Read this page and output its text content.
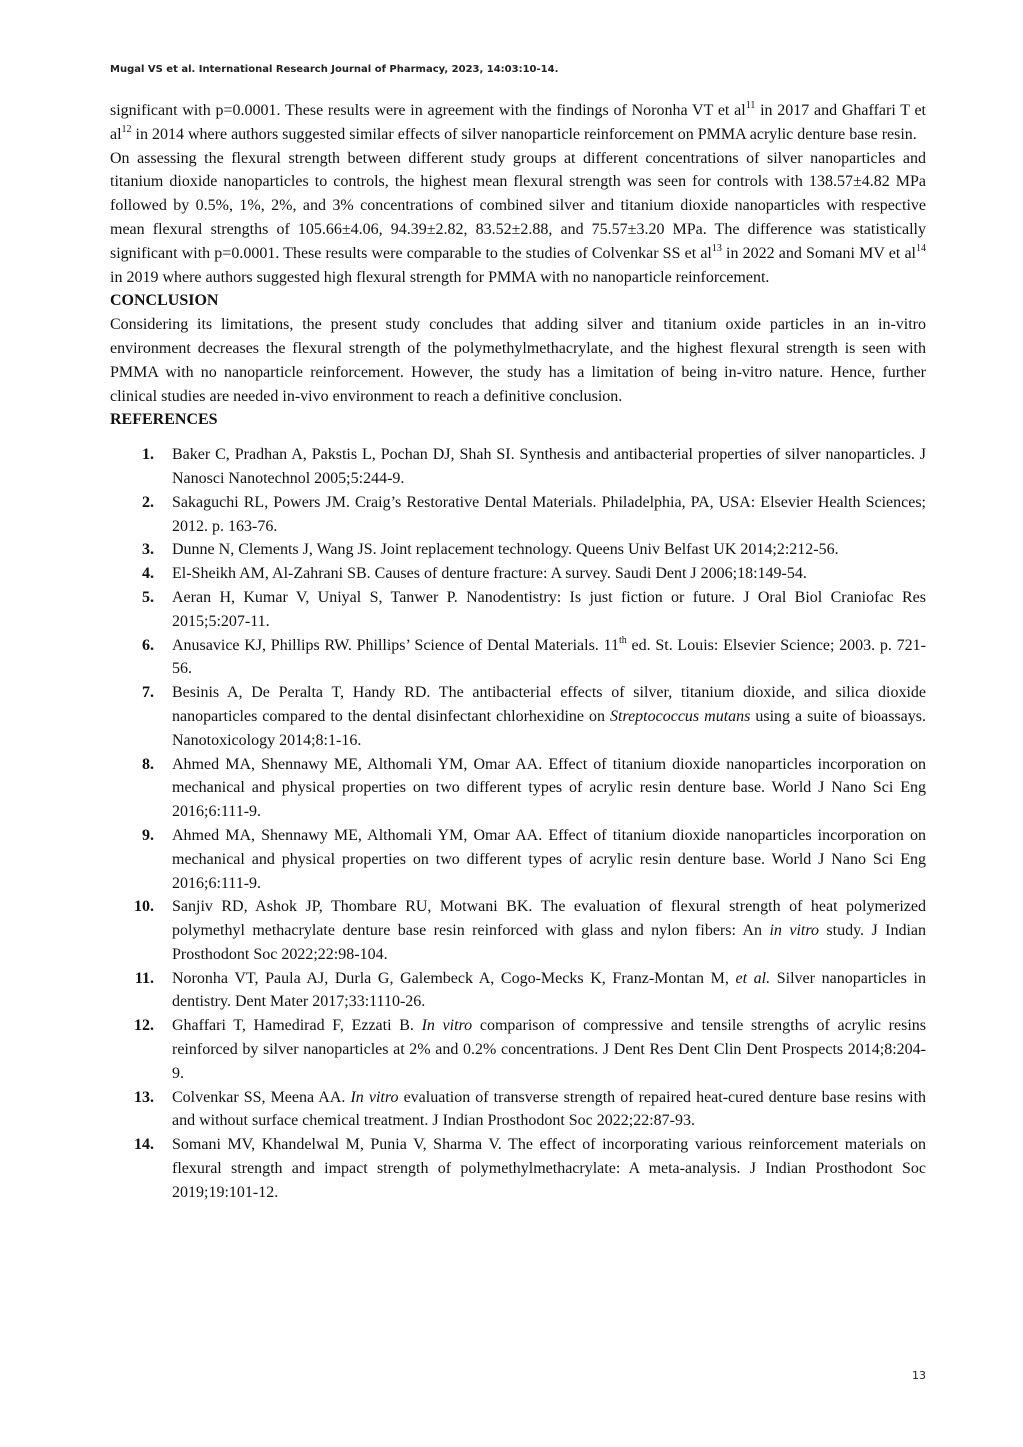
Mugal VS et al. International Research Journal of Pharmacy, 2023, 14:03:10-14.

significant with p=0.0001. These results were in agreement with the findings of Noronha VT et $al^{11}$ in 2017 and Ghaffari T et $al^{12}$ in 2014 where authors suggested similar effects of silver nanoparticle reinforcement on PMMA acrylic denture base resin.

On assessing the flexural strength between different study groups at different concentrations of silver nanoparticles and titanium dioxide nanoparticles to controls, the highest mean flexural strength was seen for controls with 138.57±4.82 MPa followed by 0.5%, 1%, 2%, and 3% concentrations of combined silver and titanium dioxide nanoparticles with respective mean flexural strengths of 105.66±4.06, 94.39±2.82, 83.52±2.88, and 75.57±3.20 MPa. The difference was statistically significant with p=0.0001. These results were comparable to the studies of Colvenkar SS et $al^{13}$ in 2022 and Somani MV et $al^{14}$ in 2019 where authors suggested high flexural strength for PMMA with no nanoparticle reinforcement.

CONCLUSION

Considering its limitations, the present study concludes that adding silver and titanium oxide particles in an in-vitro environment decreases the flexural strength of the polymethylmethacrylate, and the highest flexural strength is seen with PMMA with no nanoparticle reinforcement. However, the study has a limitation of being in-vitro nature. Hence, further clinical studies are needed in-vivo environment to reach a definitive conclusion.

REFERENCES
1. Baker C, Pradhan A, Pakstis L, Pochan DJ, Shah SI. Synthesis and antibacterial properties of silver nanoparticles. J Nanosci Nanotechnol 2005;5:244-9.
2. Sakaguchi RL, Powers JM. Craig’s Restorative Dental Materials. Philadelphia, PA, USA: Elsevier Health Sciences; 2012. p. 163-76.
3. Dunne N, Clements J, Wang JS. Joint replacement technology. Queens Univ Belfast UK 2014;2:212-56.
4. El-Sheikh AM, Al-Zahrani SB. Causes of denture fracture: A survey. Saudi Dent J 2006;18:149-54.
5. Aeran H, Kumar V, Uniyal S, Tanwer P. Nanodentistry: Is just fiction or future. J Oral Biol Craniofac Res 2015;5:207-11.
6. Anusavice KJ, Phillips RW. Phillips’ Science of Dental Materials. 11th ed. St. Louis: Elsevier Science; 2003. p. 721-56.
7. Besinis A, De Peralta T, Handy RD. The antibacterial effects of silver, titanium dioxide, and silica dioxide nanoparticles compared to the dental disinfectant chlorhexidine on Streptococcus mutans using a suite of bioassays. Nanotoxicology 2014;8:1-16.
8. Ahmed MA, Shennawy ME, Althomali YM, Omar AA. Effect of titanium dioxide nanoparticles incorporation on mechanical and physical properties on two different types of acrylic resin denture base. World J Nano Sci Eng 2016;6:111-9.
9. Ahmed MA, Shennawy ME, Althomali YM, Omar AA. Effect of titanium dioxide nanoparticles incorporation on mechanical and physical properties on two different types of acrylic resin denture base. World J Nano Sci Eng 2016;6:111-9.
10. Sanjiv RD, Ashok JP, Thombare RU, Motwani BK. The evaluation of flexural strength of heat polymerized polymethyl methacrylate denture base resin reinforced with glass and nylon fibers: An in vitro study. J Indian Prosthodont Soc 2022;22:98-104.
11. Noronha VT, Paula AJ, Durla G, Galembeck A, Cogo-Mecks K, Franz-Montan M, et al. Silver nanoparticles in dentistry. Dent Mater 2017;33:1110-26.
12. Ghaffari T, Hamedirad F, Ezzati B. In vitro comparison of compressive and tensile strengths of acrylic resins reinforced by silver nanoparticles at 2% and 0.2% concentrations. J Dent Res Dent Clin Dent Prospects 2014;8:204-9.
13. Colvenkar SS, Meena AA. In vitro evaluation of transverse strength of repaired heat-cured denture base resins with and without surface chemical treatment. J Indian Prosthodont Soc 2022;22:87-93.
14. Somani MV, Khandelwal M, Punia V, Sharma V. The effect of incorporating various reinforcement materials on flexural strength and impact strength of polymethylmethacrylate: A meta-analysis. J Indian Prosthodont Soc 2019;19:101-12.
13
